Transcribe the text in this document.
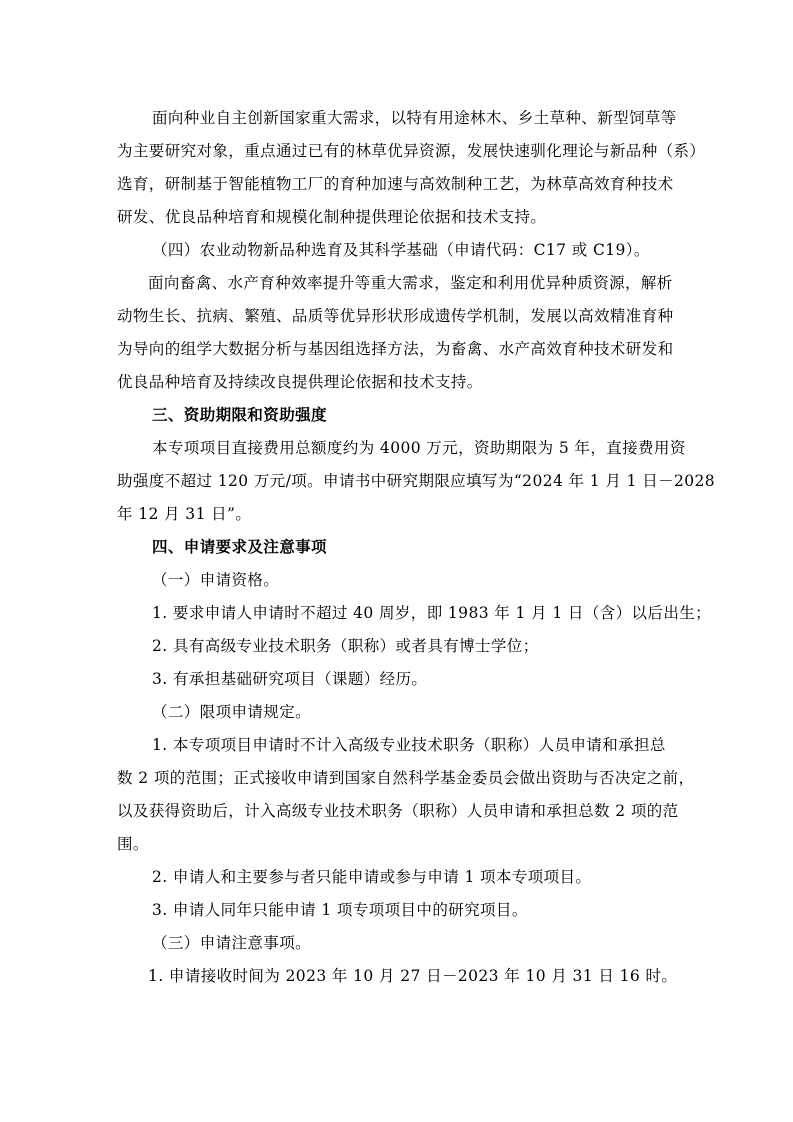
面向种业自主创新国家重大需求，以特有用途林木、乡土草种、新型饲草等
为主要研究对象，重点通过已有的林草优异资源，发展快速驯化理论与新品种（系）
选育，研制基于智能植物工厂的育种加速与高效制种工艺，为林草高效育种技术
研发、优良品种培育和规模化制种提供理论依据和技术支持。
（四）农业动物新品种选育及其科学基础（申请代码：C17 或 C19）。
面向畜禽、水产育种效率提升等重大需求，鉴定和利用优异种质资源，解析
动物生长、抗病、繁殖、品质等优异形状形成遗传学机制，发展以高效精准育种
为导向的组学大数据分析与基因组选择方法，为畜禽、水产高效育种技术研发和
优良品种培育及持续改良提供理论依据和技术支持。
三、资助期限和资助强度
本专项项目直接费用总额度约为 4000 万元，资助期限为 5 年，直接费用资
助强度不超过 120 万元/项。申请书中研究期限应填写为“2024 年 1 月 1 日－2028
年 12 月 31 日”。
四、申请要求及注意事项
（一）申请资格。
1. 要求申请人申请时不超过 40 周岁，即 1983 年 1 月 1 日（含）以后出生；
2. 具有高级专业技术职务（职称）或者具有博士学位；
3. 有承担基础研究项目（课题）经历。
（二）限项申请规定。
1. 本专项项目申请时不计入高级专业技术职务（职称）人员申请和承担总
数 2 项的范围；正式接收申请到国家自然科学基金委员会做出资助与否决定之前，
以及获得资助后，计入高级专业技术职务（职称）人员申请和承担总数 2 项的范
围。
2. 申请人和主要参与者只能申请或参与申请 1 项本专项项目。
3. 申请人同年只能申请 1 项专项项目中的研究项目。
（三）申请注意事项。
1. 申请接收时间为 2023 年 10 月 27 日－2023 年 10 月 31 日 16 时。
